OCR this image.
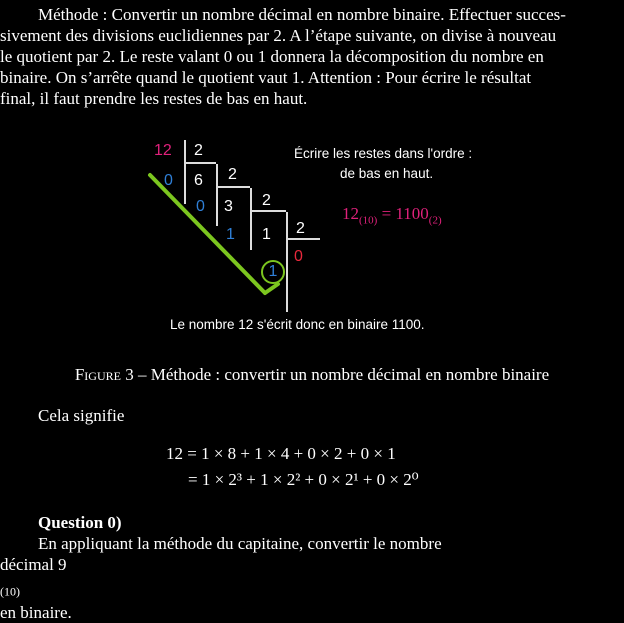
Méthode : Convertir un nombre décimal en nombre binaire. Effectuer succes-
sivement des divisions euclidiennes par 2. A l’étape suivante, on divise à nouveau
le quotient par 2. Le reste valant 0 ou 1 donnera la décomposition du nombre en
binaire. On s’arrête quand le quotient vaut 1. Attention : Pour écrire le résultat
final, il faut prendre les restes de bas en haut.
12 2
0 6 2
0 3 2
1 1 2
1
0
Écrire les restes dans l'ordre :
de bas en haut.
$12_{(10)} = 1100_{(2)}$
Le nombre 12 s'écrit donc en binaire 1100.
Figure 3 – Méthode : convertir un nombre décimal en nombre binaire
Cela signifie
12 = 1 × 8 + 1 × 4 + 0 × 2 + 0 × 1
= 1 × 2³ + 1 × 2² + 0 × 2¹ + 0 × 2⁰
Question 0)
En appliquant la méthode du capitaine, convertir le nombre
décimal 9
$_{(10)}$
en binaire.
